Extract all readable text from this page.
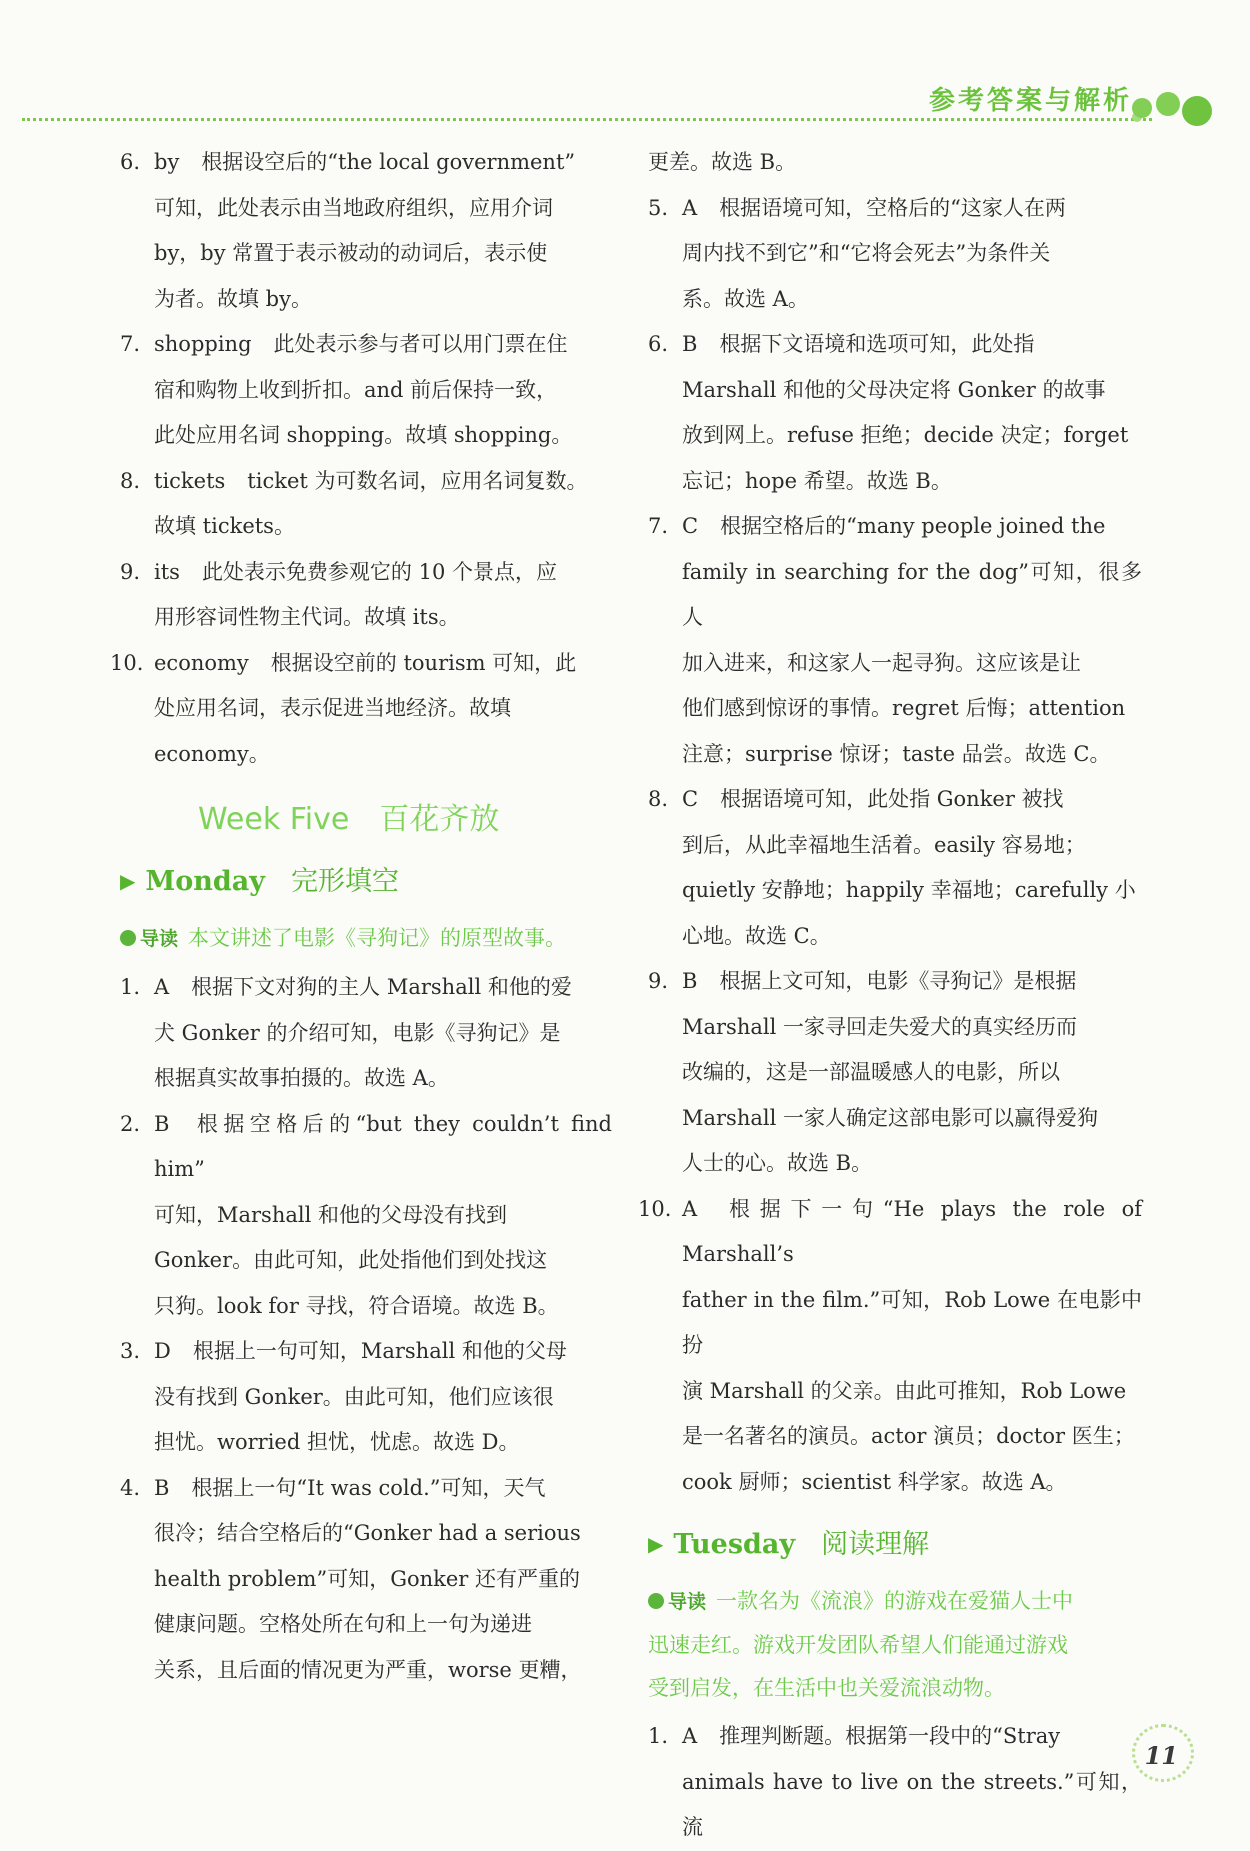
参考答案与解析
6. by 根据设空后的“the local government”
可知，此处表示由当地政府组织，应用介词
by，by 常置于表示被动的动词后，表示使
为者。故填 by。
7. shopping 此处表示参与者可以用门票在住
宿和购物上收到折扣。and 前后保持一致，
此处应用名词 shopping。故填 shopping。
8. tickets ticket 为可数名词，应用名词复数。
故填 tickets。
9. its 此处表示免费参观它的 10 个景点，应
用形容词性物主代词。故填 its。
10. economy 根据设空前的 tourism 可知，此
处应用名词，表示促进当地经济。故填
economy。
Week Five　百花齐放
▶ Monday 完形填空
导读 本文讲述了电影《寻狗记》的原型故事。
1. A 根据下文对狗的主人 Marshall 和他的爱
犬 Gonker 的介绍可知，电影《寻狗记》是
根据真实故事拍摄的。故选 A。
2. B 根据空格后的“but they couldn’t find him”
可知，Marshall 和他的父母没有找到
Gonker。由此可知，此处指他们到处找这
只狗。look for 寻找，符合语境。故选 B。
3. D 根据上一句可知，Marshall 和他的父母
没有找到 Gonker。由此可知，他们应该很
担忧。worried 担忧，忧虑。故选 D。
4. B 根据上一句“It was cold.”可知，天气
很冷；结合空格后的“Gonker had a serious
health problem”可知，Gonker 还有严重的
健康问题。空格处所在句和上一句为递进
关系，且后面的情况更为严重，worse 更糟，
更差。故选 B。
5. A 根据语境可知，空格后的“这家人在两
周内找不到它”和“它将会死去”为条件关
系。故选 A。
6. B 根据下文语境和选项可知，此处指
Marshall 和他的父母决定将 Gonker 的故事
放到网上。refuse 拒绝；decide 决定；forget
忘记；hope 希望。故选 B。
7. C 根据空格后的“many people joined the
family in searching for the dog”可知，很多人
加入进来，和这家人一起寻狗。这应该是让
他们感到惊讶的事情。regret 后悔；attention
注意；surprise 惊讶；taste 品尝。故选 C。
8. C 根据语境可知，此处指 Gonker 被找
到后，从此幸福地生活着。easily 容易地；
quietly 安静地；happily 幸福地；carefully 小
心地。故选 C。
9. B 根据上文可知，电影《寻狗记》是根据
Marshall 一家寻回走失爱犬的真实经历而
改编的，这是一部温暖感人的电影，所以
Marshall 一家人确定这部电影可以赢得爱狗
人士的心。故选 B。
10. A 根据下一句“He plays the role of Marshall’s
father in the film.”可知，Rob Lowe 在电影中扮
演 Marshall 的父亲。由此可推知，Rob Lowe
是一名著名的演员。actor 演员；doctor 医生；
cook 厨师；scientist 科学家。故选 A。
▶ Tuesday 阅读理解
导读 一款名为《流浪》的游戏在爱猫人士中
迅速走红。游戏开发团队希望人们能通过游戏
受到启发，在生活中也关爱流浪动物。
1. A 推理判断题。根据第一段中的“Stray
animals have to live on the streets.”可知，流
11
